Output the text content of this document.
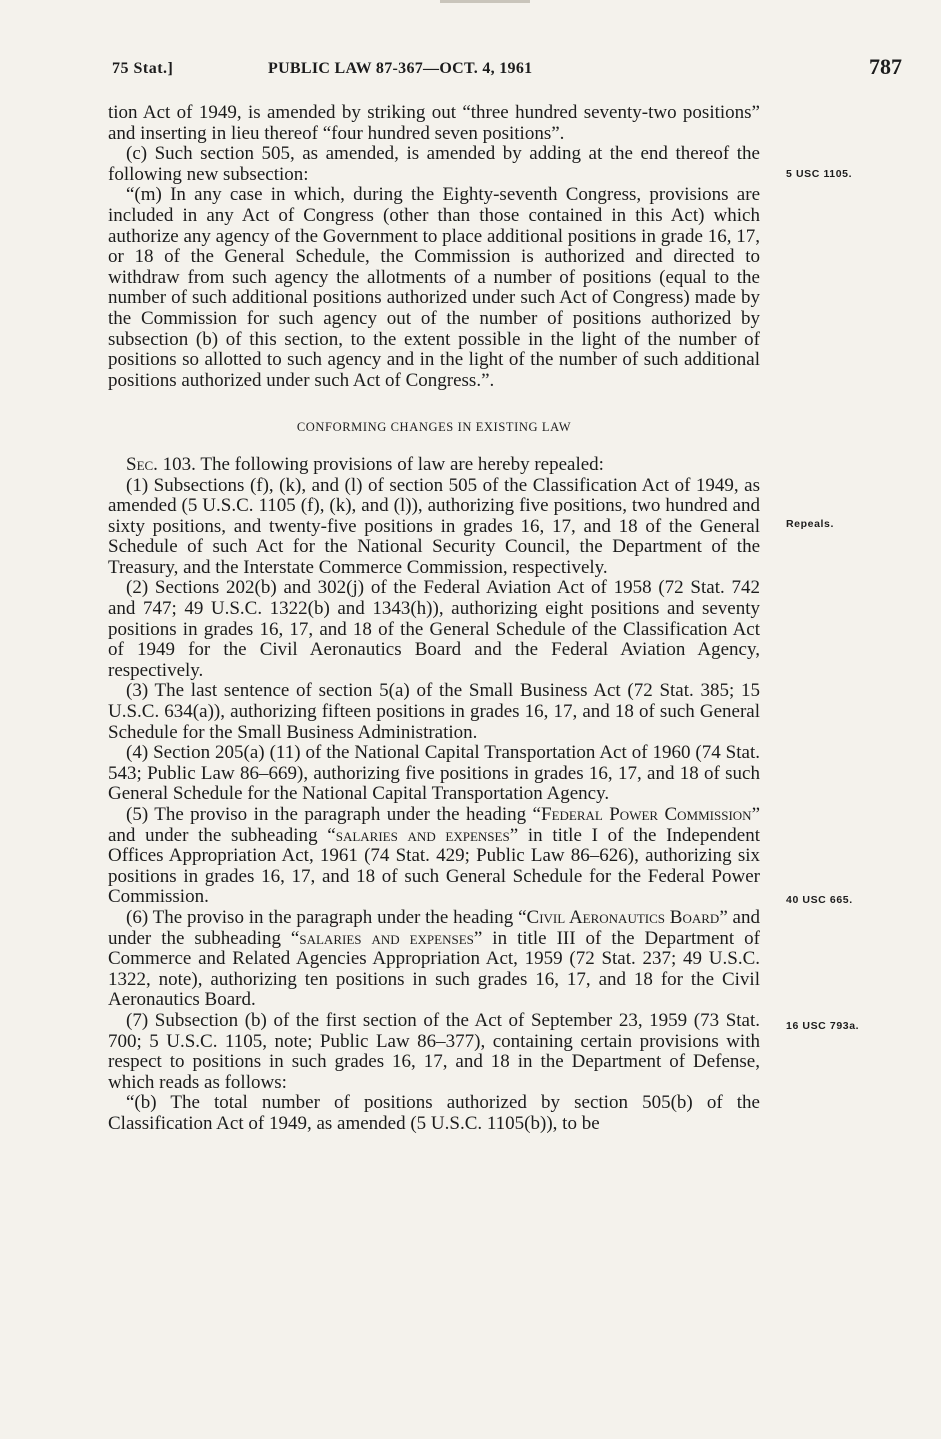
75 Stat.]	PUBLIC LAW 87-367—OCT. 4, 1961	787

tion Act of 1949, is amended by striking out “three hundred seventy-two positions” and inserting in lieu thereof “four hundred seven positions”.

(c) Such section 505, as amended, is amended by adding at the end thereof the following new subsection:

“(m) In any case in which, during the Eighty-seventh Congress, provisions are included in any Act of Congress (other than those contained in this Act) which authorize any agency of the Government to place additional positions in grade 16, 17, or 18 of the General Schedule, the Commission is authorized and directed to withdraw from such agency the allotments of a number of positions (equal to the number of such additional positions authorized under such Act of Congress) made by the Commission for such agency out of the number of positions authorized by subsection (b) of this section, to the extent possible in the light of the number of positions so allotted to such agency and in the light of the number of such additional positions authorized under such Act of Congress.”.

CONFORMING CHANGES IN EXISTING LAW

Sec. 103. The following provisions of law are hereby repealed:

(1) Subsections (f), (k), and (l) of section 505 of the Classification Act of 1949, as amended (5 U.S.C. 1105 (f), (k), and (l)), authorizing five positions, two hundred and sixty positions, and twenty-five positions in grades 16, 17, and 18 of the General Schedule of such Act for the National Security Council, the Department of the Treasury, and the Interstate Commerce Commission, respectively.

(2) Sections 202(b) and 302(j) of the Federal Aviation Act of 1958 (72 Stat. 742 and 747; 49 U.S.C. 1322(b) and 1343(h)), authorizing eight positions and seventy positions in grades 16, 17, and 18 of the General Schedule of the Classification Act of 1949 for the Civil Aeronautics Board and the Federal Aviation Agency, respectively.

(3) The last sentence of section 5(a) of the Small Business Act (72 Stat. 385; 15 U.S.C. 634(a)), authorizing fifteen positions in grades 16, 17, and 18 of such General Schedule for the Small Business Administration.

(4) Section 205(a) (11) of the National Capital Transportation Act of 1960 (74 Stat. 543; Public Law 86–669), authorizing five positions in grades 16, 17, and 18 of such General Schedule for the National Capital Transportation Agency.

(5) The proviso in the paragraph under the heading “Federal Power Commission” and under the subheading “salaries and expenses” in title I of the Independent Offices Appropriation Act, 1961 (74 Stat. 429; Public Law 86–626), authorizing six positions in grades 16, 17, and 18 of such General Schedule for the Federal Power Commission.

(6) The proviso in the paragraph under the heading “Civil Aeronautics Board” and under the subheading “salaries and expenses” in title III of the Department of Commerce and Related Agencies Appropriation Act, 1959 (72 Stat. 237; 49 U.S.C. 1322, note), authorizing ten positions in such grades 16, 17, and 18 for the Civil Aeronautics Board.

(7) Subsection (b) of the first section of the Act of September 23, 1959 (73 Stat. 700; 5 U.S.C. 1105, note; Public Law 86–377), containing certain provisions with respect to positions in such grades 16, 17, and 18 in the Department of Defense, which reads as follows:

“(b) The total number of positions authorized by section 505(b) of the Classification Act of 1949, as amended (5 U.S.C. 1105(b)), to be

5 USC 1105.
Repeals.
40 USC 665.
16 USC 793a.
